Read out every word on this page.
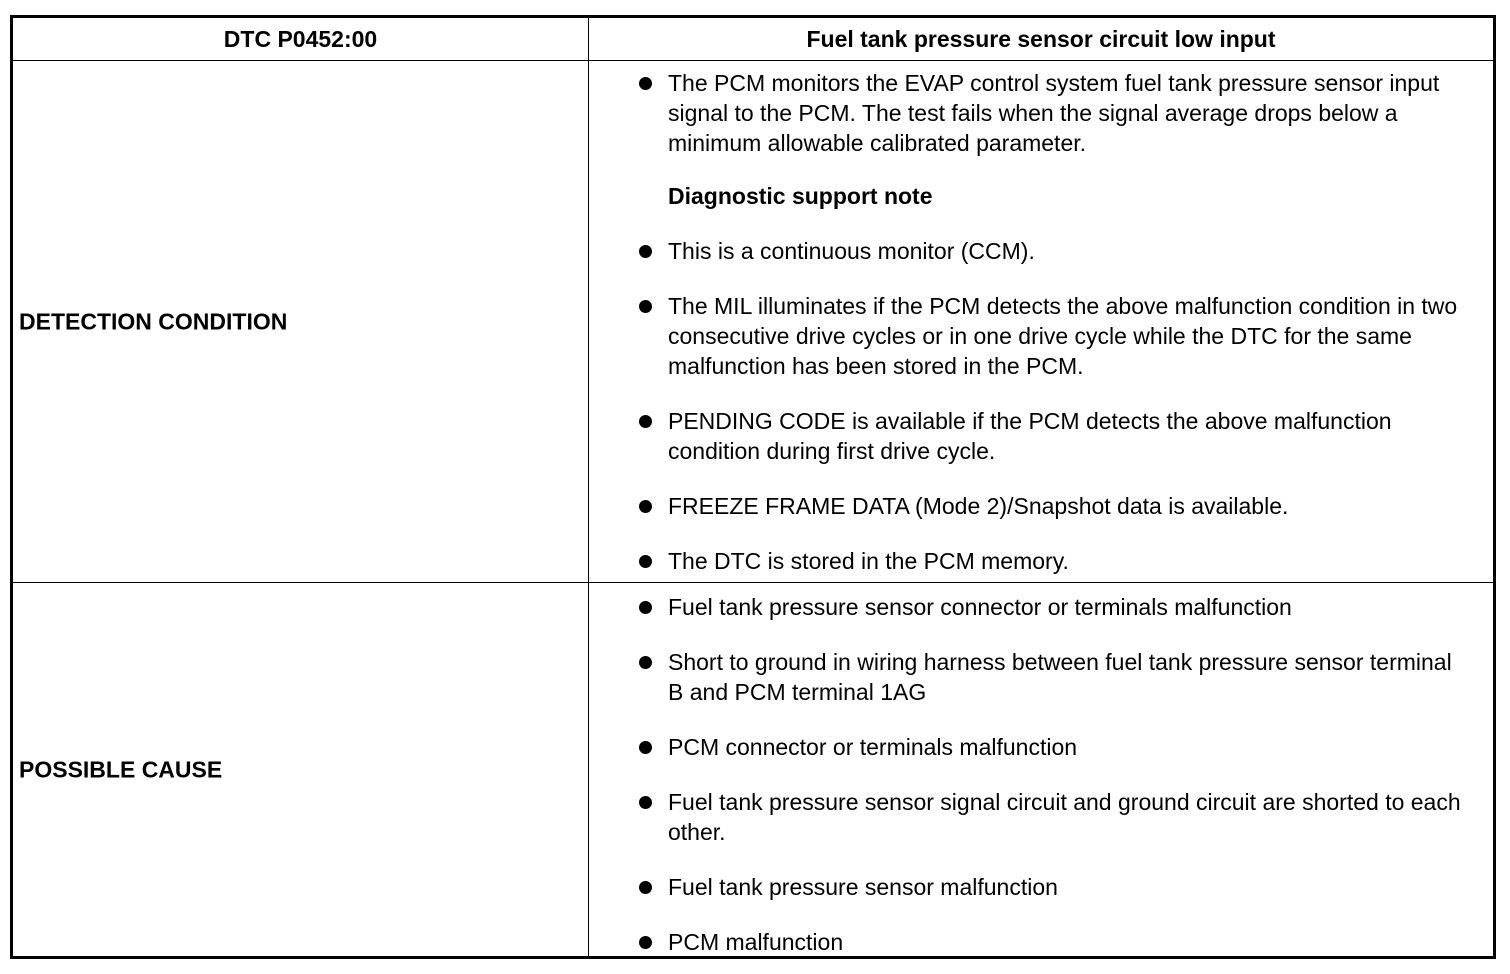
DTC P0452:00	Fuel tank pressure sensor circuit low input
DETECTION CONDITION
The PCM monitors the EVAP control system fuel tank pressure sensor input signal to the PCM. The test fails when the signal average drops below a minimum allowable calibrated parameter.
Diagnostic support note
This is a continuous monitor (CCM).
The MIL illuminates if the PCM detects the above malfunction condition in two consecutive drive cycles or in one drive cycle while the DTC for the same malfunction has been stored in the PCM.
PENDING CODE is available if the PCM detects the above malfunction condition during first drive cycle.
FREEZE FRAME DATA (Mode 2)/Snapshot data is available.
The DTC is stored in the PCM memory.
POSSIBLE CAUSE
Fuel tank pressure sensor connector or terminals malfunction
Short to ground in wiring harness between fuel tank pressure sensor terminal B and PCM terminal 1AG
PCM connector or terminals malfunction
Fuel tank pressure sensor signal circuit and ground circuit are shorted to each other.
Fuel tank pressure sensor malfunction
PCM malfunction
